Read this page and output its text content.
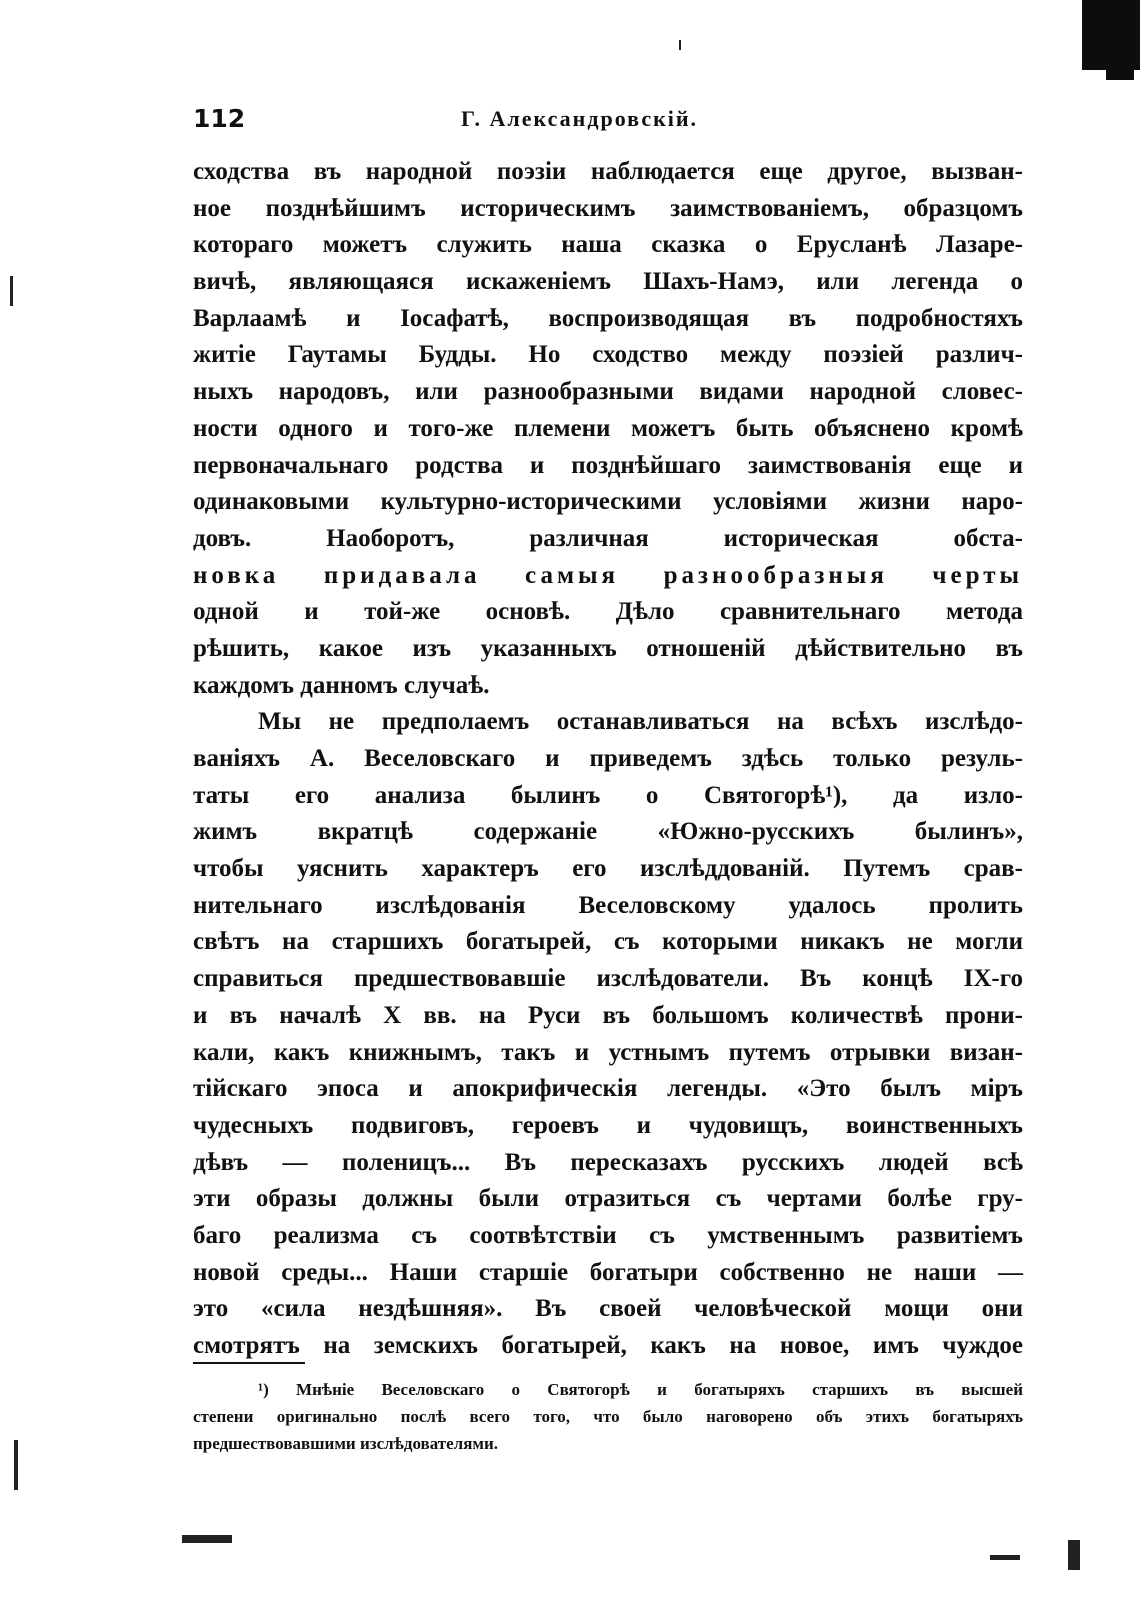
112	Г. Александровскій.
сходства въ народной поэзіи наблюдается еще другое, вызван-
ное позднѣйшимъ историческимъ заимствованіемъ, образцомъ
котораго можетъ служить наша сказка о Еруcланѣ Лазаре-
вичѣ, являющаяся искаженіемъ Шахъ-Намэ, или легенда о
Варлаамѣ и Іосафатѣ, воспроизводящая въ подробностяхъ
житіе Гаутамы Будды. Но сходство между поэзіей различ-
ныхъ народовъ, или разнообразными видами народной словес-
ности одного и того-же племени можетъ быть объяснено кромѣ
первоначальнаго родства и позднѣйшаго заимствованія еще и
одинаковыми культурно-историческими условіями жизни наро-
довъ. Наоборотъ, различная историческая обста-
новка придавала самыя разнообразныя черты
одной и той-же основѣ. Дѣло сравнительнаго метода
рѣшить, какое изъ указанныхъ отношеній дѣйствительно въ
каждомъ данномъ случаѣ.
Мы не предполаемъ останавливаться на всѣхъ изслѣдо-
ваніяхъ А. Веселовскаго и приведемъ здѣсь только резуль-
таты его анализа былинъ о Святогорѣ¹), да изло-
жимъ вкратцѣ содержаніе «Южно-русскихъ былинъ»,
чтобы уяснить характеръ его изслѣддованій. Путемъ срав-
нительнаго изслѣдованія Веселовскому удалось пролить
свѣтъ на старшихъ богатырей, съ которыми никакъ не могли
справиться предшествовавшіе изслѣдователи. Въ концѣ IX-го
и въ началѣ X вв. на Руси въ большомъ количествѣ прони-
кали, какъ книжнымъ, такъ и устнымъ путемъ отрывки визан-
тійскаго эпоса и апокрифическія легенды. «Это былъ міръ
чудесныхъ подвиговъ, героевъ и чудовищъ, воинственныхъ
дѣвъ — поленицъ... Въ пересказахъ русскихъ людей всѣ
эти образы должны были отразиться съ чертами болѣе гру-
баго реализма съ соотвѣтствіи съ умственнымъ развитіемъ
новой среды... Наши старшіе богатыри собственно не наши —
это «сила нездѣшняя». Въ своей человѣческой мощи они
смотрятъ на земскихъ богатырей, какъ на новое, имъ чуждое
¹) Мнѣніе Веселовскаго о Святогорѣ и богатыряхъ старшихъ въ высшей
степени оригинально послѣ всего того, что было наговорено объ этихъ богатыряхъ
предшествовавшими изслѣдователями.
